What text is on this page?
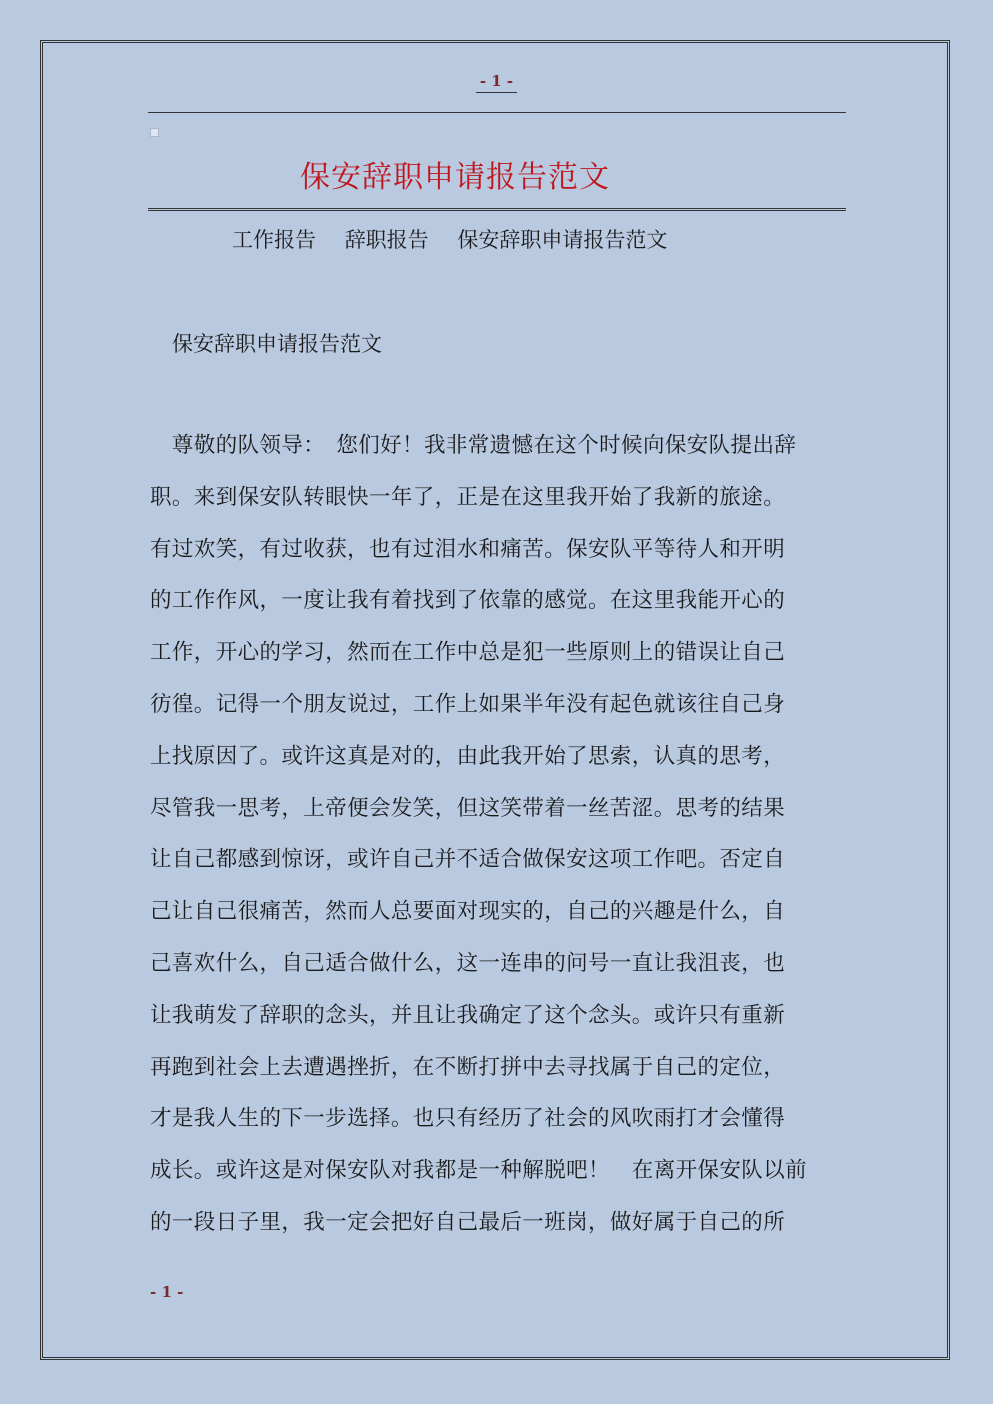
- 1 -
保安辞职申请报告范文
工作报告 辞职报告 保安辞职申请报告范文
保安辞职申请报告范文
　尊敬的队领导：　您们好！我非常遗憾在这个时候向保安队提出辞
职。来到保安队转眼快一年了，正是在这里我开始了我新的旅途。
有过欢笑，有过收获，也有过泪水和痛苦。保安队平等待人和开明
的工作作风，一度让我有着找到了依靠的感觉。在这里我能开心的
工作，开心的学习，然而在工作中总是犯一些原则上的错误让自己
彷徨。记得一个朋友说过，工作上如果半年没有起色就该往自己身
上找原因了。或许这真是对的，由此我开始了思索，认真的思考，
尽管我一思考，上帝便会发笑，但这笑带着一丝苦涩。思考的结果
让自己都感到惊讶，或许自己并不适合做保安这项工作吧。否定自
己让自己很痛苦，然而人总要面对现实的，自己的兴趣是什么，自
己喜欢什么，自己适合做什么，这一连串的问号一直让我沮丧，也
让我萌发了辞职的念头，并且让我确定了这个念头。或许只有重新
再跑到社会上去遭遇挫折，在不断打拼中去寻找属于自己的定位，
才是我人生的下一步选择。也只有经历了社会的风吹雨打才会懂得
成长。或许这是对保安队对我都是一种解脱吧！　在离开保安队以前
的一段日子里，我一定会把好自己最后一班岗，做好属于自己的所
- 1 -
